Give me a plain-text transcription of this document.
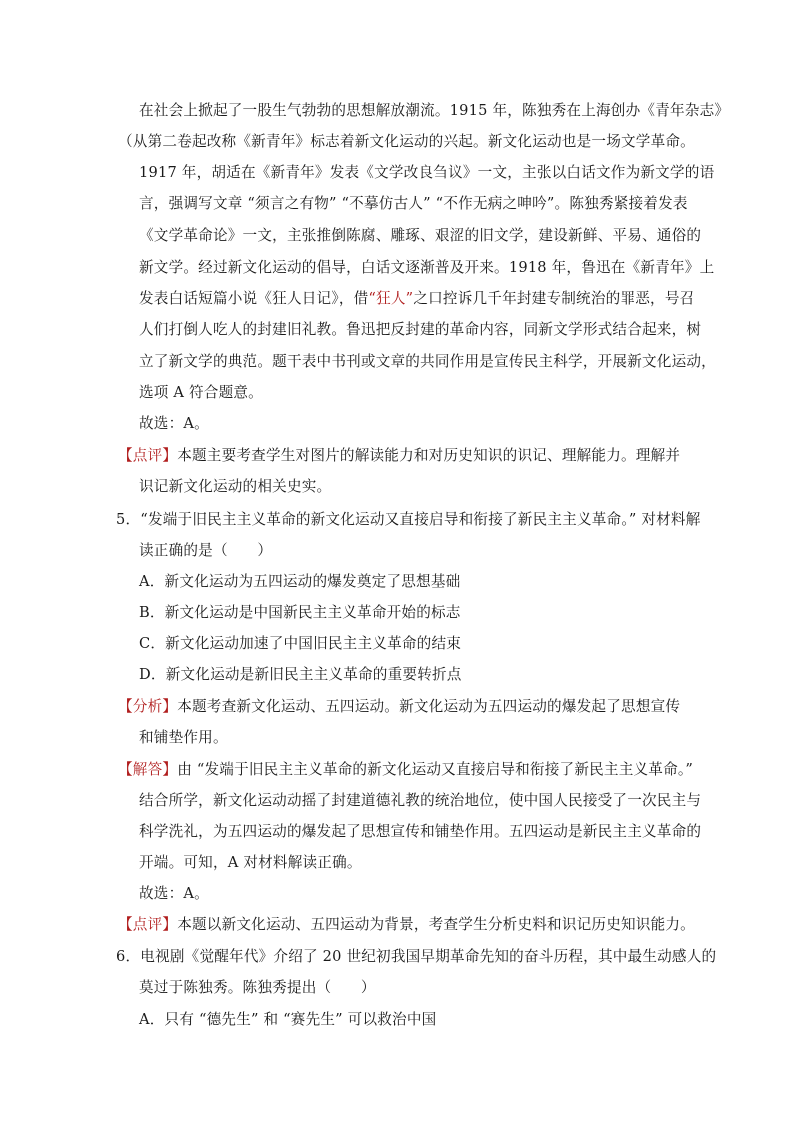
在社会上掀起了一股生气勃勃的思想解放潮流。1915 年，陈独秀在上海创办《青年杂志》
（从第二卷起改称《新青年》标志着新文化运动的兴起。新文化运动也是一场文学革命。
1917 年，胡适在《新青年》发表《文学改良刍议》一文，主张以白话文作为新文学的语
言，强调写文章 “须言之有物” “不摹仿古人” “不作无病之呻吟”。陈独秀紧接着发表
《文学革命论》一文，主张推倒陈腐、雕琢、艰涩的旧文学，建设新鲜、平易、通俗的
新文学。经过新文化运动的倡导，白话文逐渐普及开来。1918 年，鲁迅在《新青年》上
发表白话短篇小说《狂人日记》，借“狂人”之口控诉几千年封建专制统治的罪恶，号召
人们打倒人吃人的封建旧礼教。鲁迅把反封建的革命内容，同新文学形式结合起来，树
立了新文学的典范。题干表中书刊或文章的共同作用是宣传民主科学，开展新文化运动，
选项 A 符合题意。
故选：A。
【点评】本题主要考查学生对图片的解读能力和对历史知识的识记、理解能力。理解并
识记新文化运动的相关史实。
5．“发端于旧民主主义革命的新文化运动又直接启导和衔接了新民主主义革命。” 对材料解
读正确的是（　　）
A．新文化运动为五四运动的爆发奠定了思想基础
B．新文化运动是中国新民主主义革命开始的标志
C．新文化运动加速了中国旧民主主义革命的结束
D．新文化运动是新旧民主主义革命的重要转折点
【分析】本题考查新文化运动、五四运动。新文化运动为五四运动的爆发起了思想宣传
和铺垫作用。
【解答】由 “发端于旧民主主义革命的新文化运动又直接启导和衔接了新民主主义革命。”
结合所学，新文化运动动摇了封建道德礼教的统治地位，使中国人民接受了一次民主与
科学洗礼，为五四运动的爆发起了思想宣传和铺垫作用。五四运动是新民主主义革命的
开端。可知，A 对材料解读正确。
故选：A。
【点评】本题以新文化运动、五四运动为背景，考查学生分析史料和识记历史知识能力。
6．电视剧《觉醒年代》介绍了 20 世纪初我国早期革命先知的奋斗历程，其中最生动感人的
莫过于陈独秀。陈独秀提出（　　）
A．只有 “德先生” 和 “赛先生” 可以救治中国
